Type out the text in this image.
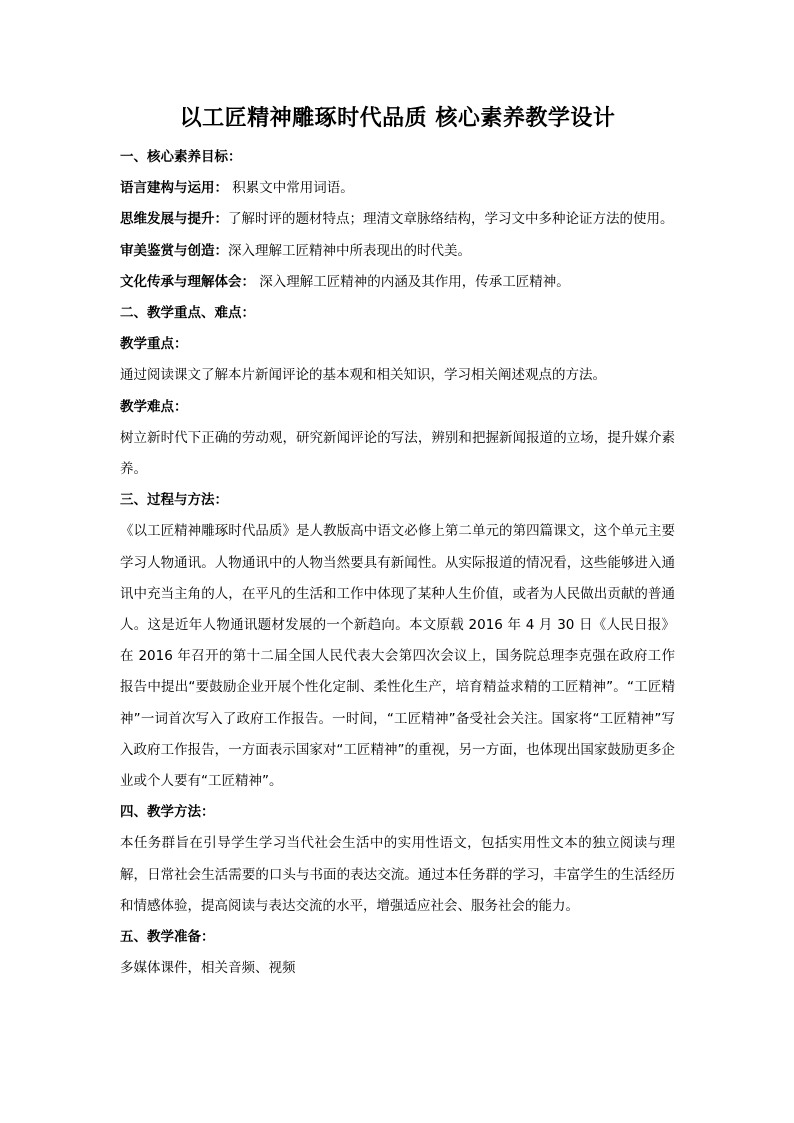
以工匠精神雕琢时代品质 核心素养教学设计

一、核心素养目标：

语言建构与运用： 积累文中常用词语。

思维发展与提升：了解时评的题材特点；理清文章脉络结构，学习文中多种论证方法的使用。

审美鉴赏与创造：深入理解工匠精神中所表现出的时代美。

文化传承与理解体会： 深入理解工匠精神的内涵及其作用，传承工匠精神。

二、教学重点、难点：

教学重点：

通过阅读课文了解本片新闻评论的基本观和相关知识，学习相关阐述观点的方法。

教学难点：

树立新时代下正确的劳动观，研究新闻评论的写法，辨别和把握新闻报道的立场，提升媒介素养。

三、过程与方法：

《以工匠精神雕琢时代品质》是人教版高中语文必修上第二单元的第四篇课文，这个单元主要学习人物通讯。人物通讯中的人物当然要具有新闻性。从实际报道的情况看，这些能够进入通讯中充当主角的人，在平凡的生活和工作中体现了某种人生价值，或者为人民做出贡献的普通人。这是近年人物通讯题材发展的一个新趋向。本文原载 2016 年 4 月 30 日《人民日报》在 2016 年召开的第十二届全国人民代表大会第四次会议上，国务院总理李克强在政府工作报告中提出“要鼓励企业开展个性化定制、柔性化生产，培育精益求精的工匠精神”。“工匠精神”一词首次写入了政府工作报告。一时间，“工匠精神”备受社会关注。国家将“工匠精神”写入政府工作报告，一方面表示国家对“工匠精神”的重视，另一方面，也体现出国家鼓励更多企业或个人要有“工匠精神”。

四、教学方法：

本任务群旨在引导学生学习当代社会生活中的实用性语文，包括实用性文本的独立阅读与理解，日常社会生活需要的口头与书面的表达交流。通过本任务群的学习，丰富学生的生活经历和情感体验，提高阅读与表达交流的水平，增强适应社会、服务社会的能力。

五、教学准备：

多媒体课件，相关音频、视频
